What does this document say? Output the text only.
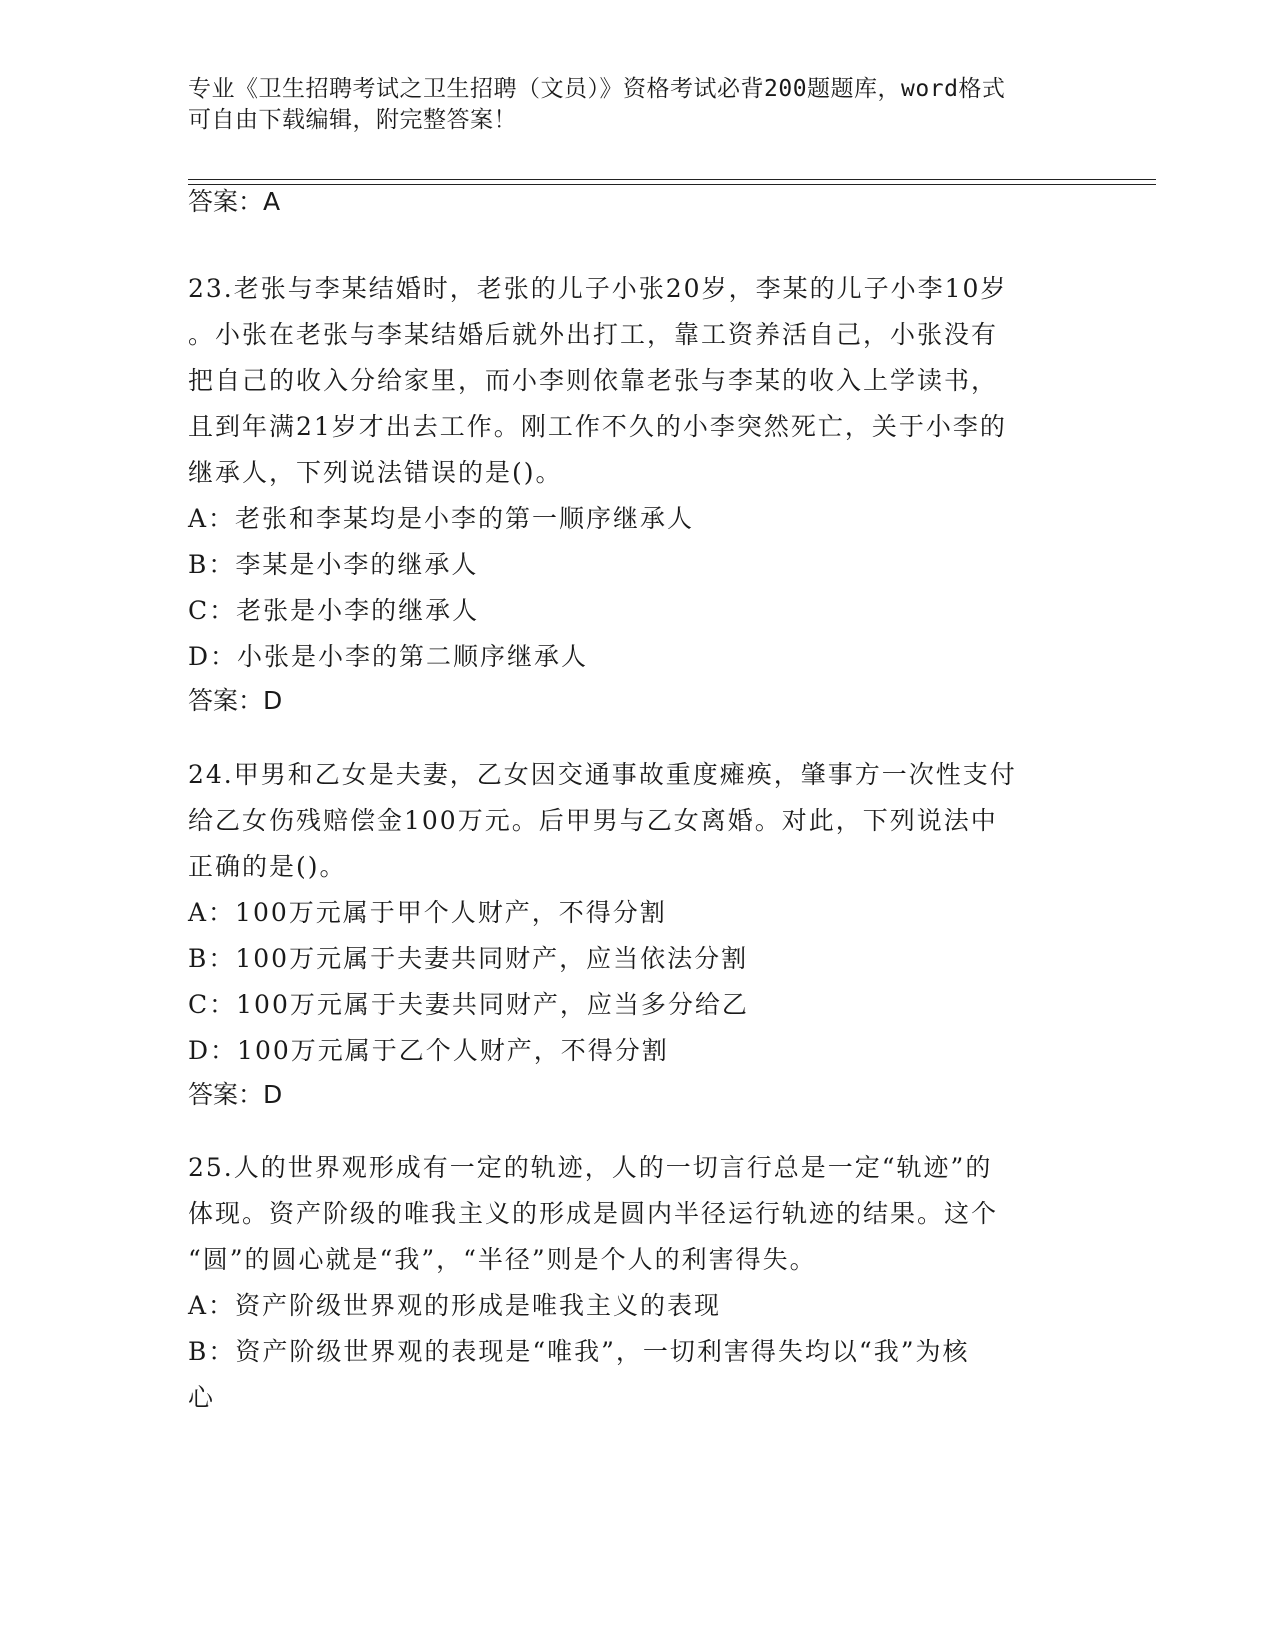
专业《卫生招聘考试之卫生招聘（文员）》资格考试必背200题题库，word格式
可自由下载编辑，附完整答案！
答案：A

23.老张与李某结婚时，老张的儿子小张20岁，李某的儿子小李10岁

。小张在老张与李某结婚后就外出打工，靠工资养活自己，小张没有

把自己的收入分给家里，而小李则依靠老张与李某的收入上学读书，

且到年满21岁才出去工作。刚工作不久的小李突然死亡，关于小李的

继承人，下列说法错误的是()。

A：老张和李某均是小李的第一顺序继承人

B：李某是小李的继承人

C：老张是小李的继承人

D：小张是小李的第二顺序继承人

答案：D

24.甲男和乙女是夫妻，乙女因交通事故重度瘫痪，肇事方一次性支付

给乙女伤残赔偿金100万元。后甲男与乙女离婚。对此，下列说法中

正确的是()。

A：100万元属于甲个人财产，不得分割

B：100万元属于夫妻共同财产，应当依法分割

C：100万元属于夫妻共同财产，应当多分给乙

D：100万元属于乙个人财产，不得分割

答案：D

25.人的世界观形成有一定的轨迹，人的一切言行总是一定“轨迹”的

体现。资产阶级的唯我主义的形成是圆内半径运行轨迹的结果。这个

“圆”的圆心就是“我”，“半径”则是个人的利害得失。

A：资产阶级世界观的形成是唯我主义的表现

B：资产阶级世界观的表现是“唯我”，一切利害得失均以“我”为核

心
